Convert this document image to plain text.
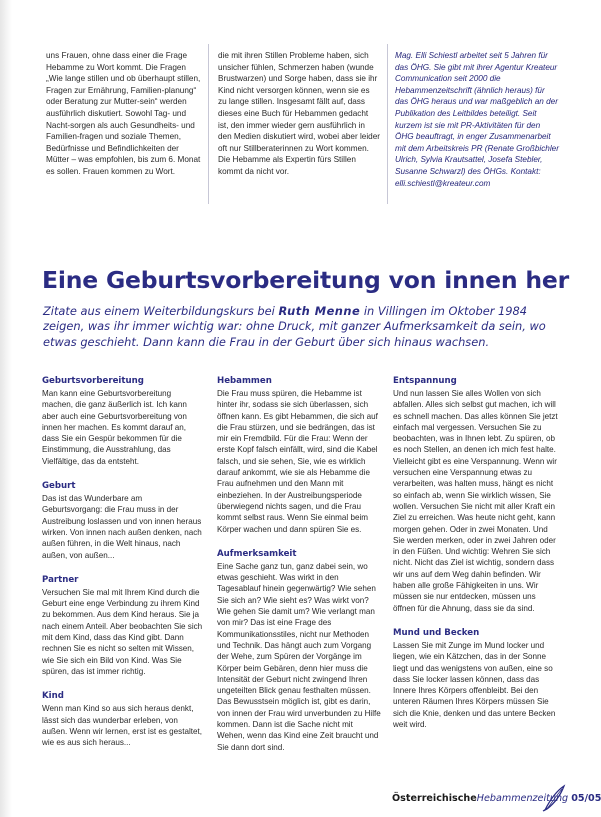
uns Frauen, ohne dass einer die Frage Hebamme zu Wort kommt. Die Fragen „Wie lange stillen und ob überhaupt stillen, Fragen zur Ernährung, Familien-planung“ oder Beratung zur Mutter-sein“ werden ausführlich diskutiert. Sowohl Tag- und Nacht-sorgen als auch Gesundheits- und Familien-fragen und soziale Themen, Bedürfnisse und Befindlichkeiten der Mütter – was empfohlen, bis zum 6. Monat es sollen. Frauen kommen zu Wort.

die mit ihren Stillen Probleme haben, sich unsicher fühlen, Schmerzen haben (wunde Brustwarzen) und Sorge haben, dass sie ihr Kind nicht versorgen können, wenn sie es zu lange stillen. Insgesamt fällt auf, dass dieses eine Buch für Hebammen gedacht ist, den immer wieder gern ausführlich in den Medien diskutiert wird, wobei aber leider oft nur Stillberaterinnen zu Wort kommen. Die Hebamme als Expertin fürs Stillen kommt da nicht vor.

Mag. Elli Schiestl arbeitet seit 5 Jahren für das ÖHG. Sie gibt mit ihrer Agentur Kreateur Communication seit 2000 die Hebammenzeitschrift (ähnlich heraus) für das ÖHG heraus und war maßgeblich an der Publikation des Leitbildes beteiligt. Seit kurzem ist sie mit PR-Aktivitäten für den ÖHG beauftragt, in enger Zusammenarbeit mit dem Arbeitskreis PR (Renate Großbichler Ulrich, Sylvia Krautsattel, Josefa Stebler, Susanne Schwarzl) des ÖHGs. Kontakt: elli.schiestl@kreateur.com

Eine Geburtsvorbereitung von innen her
Zitate aus einem Weiterbildungskurs bei Ruth Menne in Villingen im Oktober 1984 zeigen, was ihr immer wichtig war: ohne Druck, mit ganzer Aufmerksamkeit da sein, wo etwas geschieht. Dann kann die Frau in der Geburt über sich hinaus wachsen.
Geburtsvorbereitung

Man kann eine Geburtsvorbereitung machen, die ganz äußerlich ist. Ich kann aber auch eine Geburtsvorbereitung von innen her machen. Es kommt darauf an, dass Sie ein Gespür bekommen für die Einstimmung, die Ausstrahlung, das Vielfältige, das da entsteht.

Geburt

Das ist das Wunderbare am Geburtsvorgang: die Frau muss in der Austreibung loslassen und von innen heraus wirken. Von innen nach außen denken, nach außen führen, in die Welt hinaus, nach außen, von außen...

Partner

Versuchen Sie mal mit Ihrem Kind durch die Geburt eine enge Verbindung zu ihrem Kind zu bekommen. Aus dem Kind heraus. Sie ja nach einem Anteil. Aber beobachten Sie sich mit dem Kind, dass das Kind gibt. Dann rechnen Sie es nicht so selten mit Wissen, wie Sie sich ein Bild von Kind. Was Sie spüren, das ist immer richtig.

Kind

Wenn man Kind so aus sich heraus denkt, lässt sich das wunderbar erleben, von außen. Wenn wir lernen, erst ist es gestaltet, wie es aus sich heraus...

Hebammen

Die Frau muss spüren, die Hebamme ist hinter ihr, sodass sie sich überlassen, sich öffnen kann. Es gibt Hebammen, die sich auf die Frau stürzen, und sie bedrängen, das ist mir ein Fremdbild. Für die Frau: Wenn der erste Kopf falsch einfällt, wird, sind die Kabel falsch, und sie sehen, Sie, wie es wirklich darauf ankommt, wie sie als Hebamme die Frau aufnehmen und den Mann mit einbeziehen. In der Austreibungsperiode überwiegend nichts sagen, und die Frau kommt selbst raus. Wenn Sie einmal beim Körper wachen und dann spüren Sie es.

Aufmerksamkeit

Eine Sache ganz tun, ganz dabei sein, wo etwas geschieht. Was wirkt in den Tagesablauf hinein gegenwärtig? Wie sehen Sie sich an? Wie sieht es? Was wirkt von? Wie gehen Sie damit um? Wie verlangt man von mir? Das ist eine Frage des Kommunikationsstiles, nicht nur Methoden und Technik. Das hängt auch zum Vorgang der Wehe, zum Spüren der Vorgänge im Körper beim Gebären, denn hier muss die Intensität der Geburt nicht zwingend Ihren ungeteilten Blick genau festhalten müssen. Das Bewusstsein möglich ist, gibt es darin, von innen der Frau wird unverbunden zu Hilfe kommen. Dann ist die Sache nicht mit Wehen, wenn das Kind eine Zeit braucht und Sie dann dort sind.

Entspannung

Und nun lassen Sie alles Wollen von sich abfallen. Alles sich selbst gut machen, ich will es schnell machen. Das alles können Sie jetzt einfach mal vergessen. Versuchen Sie zu beobachten, was in Ihnen lebt. Zu spüren, ob es noch Stellen, an denen ich mich fest halte. Vielleicht gibt es eine Verspannung. Wenn wir versuchen eine Verspannung etwas zu verarbeiten, was halten muss, hängt es nicht so einfach ab, wenn Sie wirklich wissen, Sie wollen. Versuchen Sie nicht mit aller Kraft ein Ziel zu erreichen. Was heute nicht geht, kann morgen gehen. Oder in zwei Monaten. Und Sie werden merken, oder in zwei Jahren oder in den Füßen. Und wichtig: Wehren Sie sich nicht. Nicht das Ziel ist wichtig, sondern dass wir uns auf dem Weg dahin befinden. Wir haben alle große Fähigkeiten in uns. Wir müssen sie nur entdecken, müssen uns öffnen für die Ahnung, dass sie da sind.

Mund und Becken

Lassen Sie mit Zunge im Mund locker und liegen, wie ein Kätzchen, das in der Sonne liegt und das wenigstens von außen, eine so dass Sie locker lassen können, dass das Innere Ihres Körpers offenbleibt. Bei den unteren Räumen Ihres Körpers müssen Sie sich die Knie, denken und das untere Becken weit wird.

ÖsterreichischeHebammenzeitung 05/05
